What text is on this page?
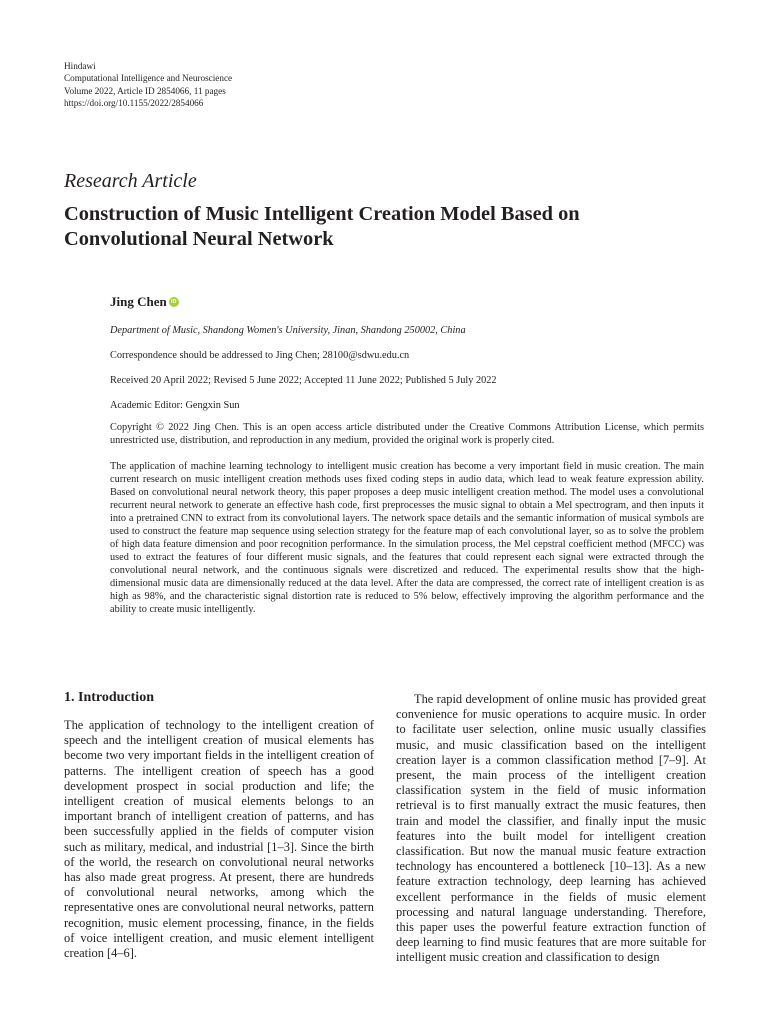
Hindawi
Computational Intelligence and Neuroscience
Volume 2022, Article ID 2854066, 11 pages
https://doi.org/10.1155/2022/2854066
Research Article
Construction of Music Intelligent Creation Model Based on Convolutional Neural Network
Jing Chen iD
Department of Music, Shandong Women's University, Jinan, Shandong 250002, China
Correspondence should be addressed to Jing Chen; 28100@sdwu.edu.cn
Received 20 April 2022; Revised 5 June 2022; Accepted 11 June 2022; Published 5 July 2022
Academic Editor: Gengxin Sun
Copyright © 2022 Jing Chen. This is an open access article distributed under the Creative Commons Attribution License, which permits unrestricted use, distribution, and reproduction in any medium, provided the original work is properly cited.
The application of machine learning technology to intelligent music creation has become a very important field in music creation. The main current research on music intelligent creation methods uses fixed coding steps in audio data, which lead to weak feature expression ability. Based on convolutional neural network theory, this paper proposes a deep music intelligent creation method. The model uses a convolutional recurrent neural network to generate an effective hash code, first preprocesses the music signal to obtain a Mel spectrogram, and then inputs it into a pretrained CNN to extract from its convolutional layers. The network space details and the semantic information of musical symbols are used to construct the feature map sequence using selection strategy for the feature map of each convolutional layer, so as to solve the problem of high data feature dimension and poor recognition performance. In the simulation process, the Mel cepstral coefficient method (MFCC) was used to extract the features of four different music signals, and the features that could represent each signal were extracted through the convolutional neural network, and the continuous signals were discretized and reduced. The experimental results show that the high-dimensional music data are dimensionally reduced at the data level. After the data are compressed, the correct rate of intelligent creation is as high as 98%, and the characteristic signal distortion rate is reduced to 5% below, effectively improving the algorithm performance and the ability to create music intelligently.
1. Introduction

The application of technology to the intelligent creation of speech and the intelligent creation of musical elements has become two very important fields in the intelligent creation of patterns. The intelligent creation of speech has a good development prospect in social production and life; the intelligent creation of musical elements belongs to an important branch of intelligent creation of patterns, and has been successfully applied in the fields of computer vision such as military, medical, and industrial [1–3]. Since the birth of the world, the research on convolutional neural networks has also made great progress. At present, there are hundreds of convolutional neural networks, among which the representative ones are convolutional neural networks, pattern recognition, music element processing, finance, in the fields of voice intelligent creation, and music element intelligent creation [4–6].

The rapid development of online music has provided great convenience for music operations to acquire music. In order to facilitate user selection, online music usually classifies music, and music classification based on the intelligent creation layer is a common classification method [7–9]. At present, the main process of the intelligent creation classification system in the field of music information retrieval is to first manually extract the music features, then train and model the classifier, and finally input the music features into the built model for intelligent creation classification. But now the manual music feature extraction technology has encountered a bottleneck [10–13]. As a new feature extraction technology, deep learning has achieved excellent performance in the fields of music element processing and natural language understanding. Therefore, this paper uses the powerful feature extraction function of deep learning to find music features that are more suitable for intelligent music creation and classification to design
